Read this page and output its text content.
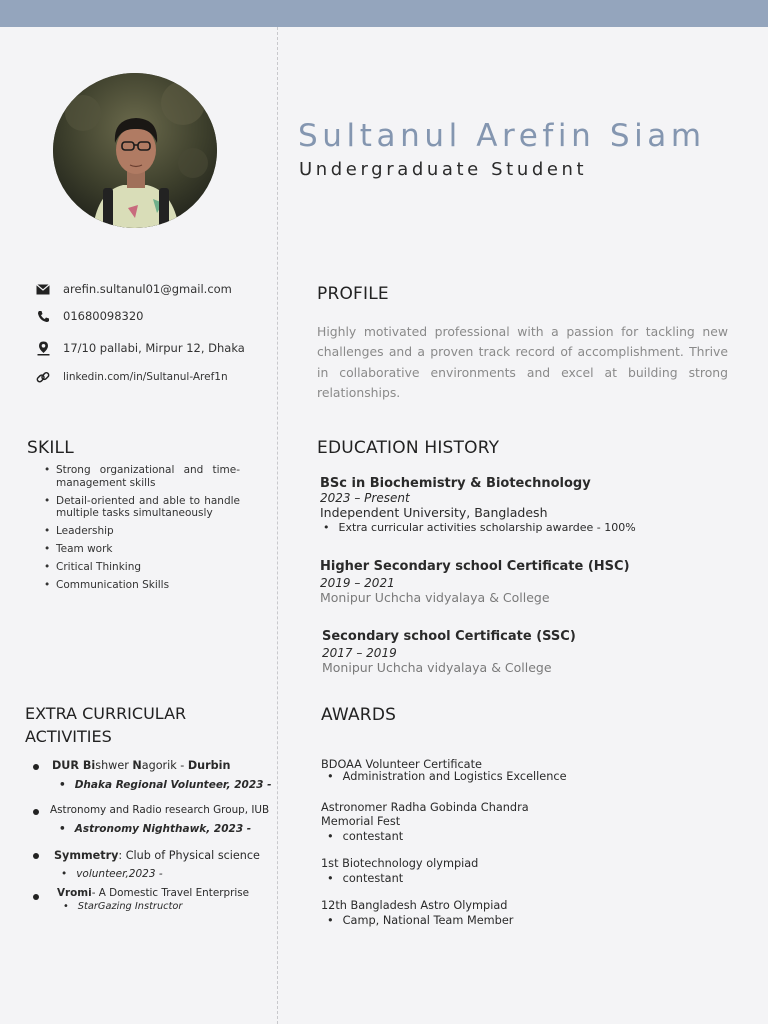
Sultanul Arefin Siam
Undergraduate Student
arefin.sultanul01@gmail.com
01680098320
17/10 pallabi, Mirpur 12, Dhaka
linkedin.com/in/Sultanul-Aref1n
PROFILE
Highly motivated professional with a passion for tackling new challenges and a proven track record of accomplishment. Thrive in collaborative environments and excel at building strong relationships.
SKILL
• Strong organizational and time-management skills
• Detail-oriented and able to handle multiple tasks simultaneously
• Leadership
• Team work
• Critical Thinking
• Communication Skills
EDUCATION HISTORY
BSc in Biochemistry & Biotechnology
2023 – Present
Independent University, Bangladesh
• Extra curricular activities scholarship awardee - 100%
Higher Secondary school Certificate (HSC)
2019 – 2021
Monipur Uchcha vidyalaya & College
Secondary school Certificate (SSC)
2017 – 2019
Monipur Uchcha vidyalaya & College
EXTRA CURRICULAR ACTIVITIES
DUR Bishwer Nagorik - Durbin
• Dhaka Regional Volunteer, 2023 -
Astronomy and Radio research Group, IUB
• Astronomy Nighthawk, 2023 -
Symmetry: Club of Physical science
• volunteer,2023 -
Vromi- A Domestic Travel Enterprise
• StarGazing Instructor
AWARDS
BDOAA Volunteer Certificate
• Administration and Logistics Excellence
Astronomer Radha Gobinda Chandra
Memorial Fest
• contestant
1st Biotechnology olympiad
• contestant
12th Bangladesh Astro Olympiad
• Camp, National Team Member
